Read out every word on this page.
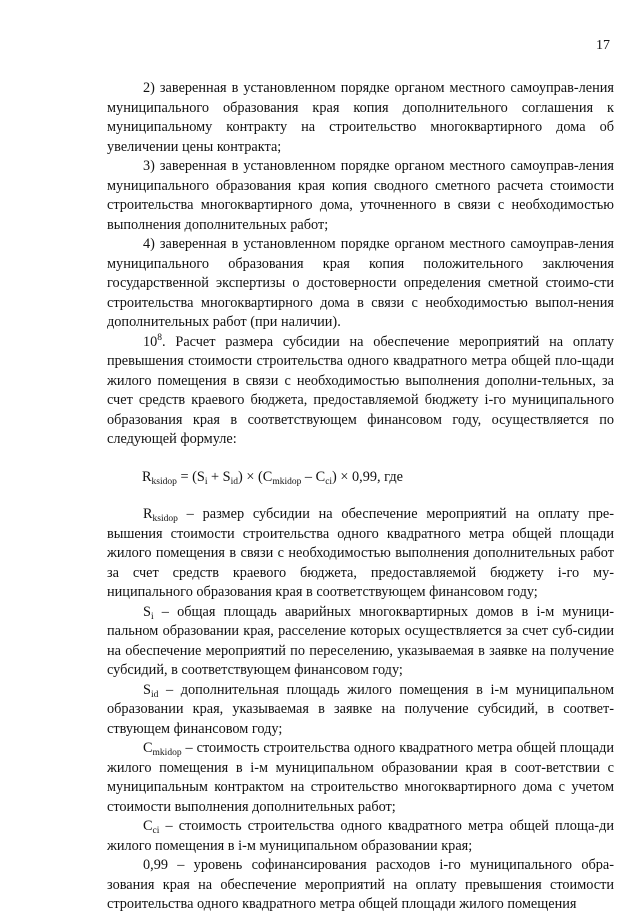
17

2) заверенная в установленном порядке органом местного самоуправ-ления муниципального образования края копия дополнительного соглашения к муниципальному контракту на строительство многоквартирного дома об увеличении цены контракта;

3) заверенная в установленном порядке органом местного самоуправ-ления муниципального образования края копия сводного сметного расчета стоимости строительства многоквартирного дома, уточненного в связи с необходимостью выполнения дополнительных работ;

4) заверенная в установленном порядке органом местного самоуправ-ления муниципального образования края копия положительного заключения государственной экспертизы о достоверности определения сметной стоимо-сти строительства многоквартирного дома в связи с необходимостью выпол-нения дополнительных работ (при наличии).

$10^8$. Расчет размера субсидии на обеспечение мероприятий на оплату превышения стоимости строительства одного квадратного метра общей пло-щади жилого помещения в связи с необходимостью выполнения дополни-тельных, за счет средств краевого бюджета, предоставляемой бюджету i-го муниципального образования края в соответствующем финансовом году, осуществляется по следующей формуле:

$R_{ksidop} = (S_i + S_{id}) \times (C_{mkidop} - C_{ci}) \times 0,99$, где

$R_{ksidop}$ – размер субсидии на обеспечение мероприятий на оплату пре-вышения стоимости строительства одного квадратного метра общей площади жилого помещения в связи с необходимостью выполнения дополнительных работ за счет средств краевого бюджета, предоставляемой бюджету i-го му-ниципального образования края в соответствующем финансовом году;

$S_i$ – общая площадь аварийных многоквартирных домов в i-м муници-пальном образовании края, расселение которых осуществляется за счет суб-сидии на обеспечение мероприятий по переселению, указываемая в заявке на получение субсидий, в соответствующем финансовом году;

$S_{id}$ – дополнительная площадь жилого помещения в i-м муниципальном образовании края, указываемая в заявке на получение субсидий, в соответ-ствующем финансовом году;

$C_{mkidop}$ – стоимость строительства одного квадратного метра общей площади жилого помещения в i-м муниципальном образовании края в соот-ветствии с муниципальным контрактом на строительство многоквартирного дома с учетом стоимости выполнения дополнительных работ;

$C_{ci}$ – стоимость строительства одного квадратного метра общей площа-ди жилого помещения в i-м муниципальном образовании края;

0,99 – уровень софинансирования расходов i-го муниципального обра-зования края на обеспечение мероприятий на оплату превышения стоимости строительства одного квадратного метра общей площади жилого помещения
